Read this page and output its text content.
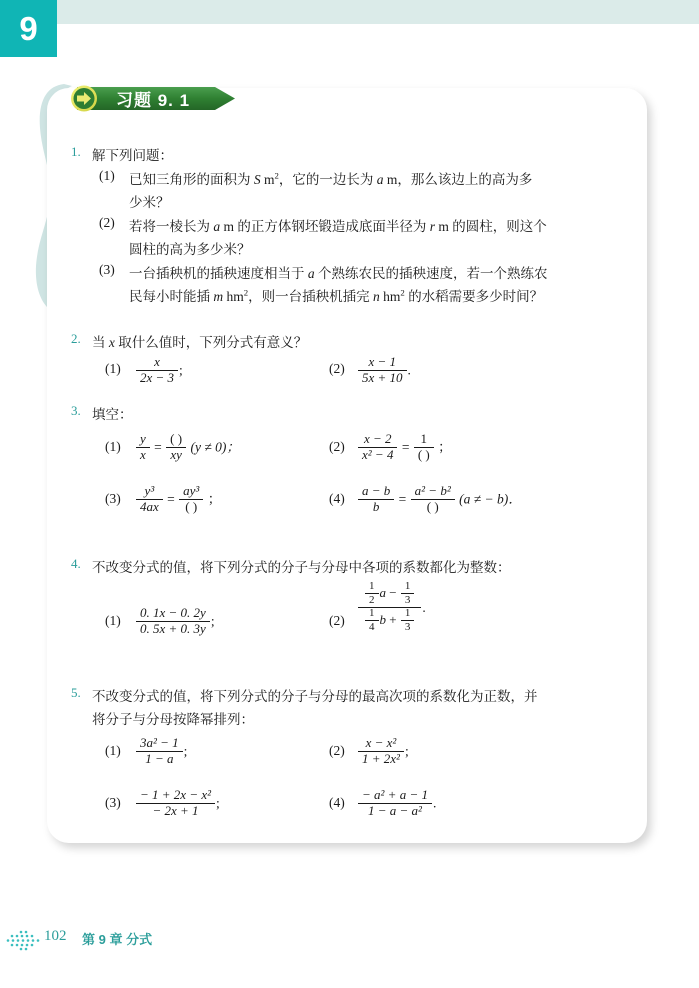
9
习题 9. 1
1. 解下列问题：
(1) 已知三角形的面积为 S $m^2$，它的一边长为 a m，那么该边上的高为多
少米？
(2) 若将一棱长为 a m 的正方体钢坯锻造成底面半径为 r m 的圆柱，则这个
圆柱的高为多少米？
(3) 一台插秧机的插秧速度相当于 a 个熟练农民的插秧速度，若一个熟练农
民每小时能插 m $hm^2$，则一台插秧机插完 n $hm^2$ 的水稻需要多少时间？
2. 当 x 取什么值时，下列分式有意义？
$(1) \frac{x}{2x - 3}$ ;	$(2) \frac{x - 1}{5x + 10}$ .
3. 填空：
$(1) \frac{y}{x} = \frac{( )}{xy} (y \ne 0)$；	$(2) \frac{x - 2}{\text{x² − 4}} = \frac{1}{( )}$ ；
$(3) \frac{\text{y³}}{4ax} = \frac{\text{ay³}}{( )}$ ；	$(4) \frac{a - b}{b} = \frac{\text{a² − b²}}{( )} (a$ ≠ − b)．
4. 不改变分式的值，将下列分式的分子与分母中各项的系数都化为整数：
$(1) \frac{0. 1x - 0. 2y}{0. 5x + 0. 3y}$ ;	$(2) \frac{\frac{1}{2} a - \frac{1}{3}}{\frac{1}{4} b + \frac{1}{3}}$ .
5. 不改变分式的值，将下列分式的分子与分母的最高次项的系数化为正数，并
将分子与分母按降幂排列：
$(1) \frac{\text{3a² − 1}}{1 - a}$ ;	$(2) \frac{\text{x − x²}}{\text{1 + 2x²}}$ ;
$(3) \frac{\text{− 1 + 2x − x²}}{- 2x + 1}$ ;	$(4) \frac{\text{− a² + a − 1}}{\text{1 − a − a²}}$ .
102 第 9 章 分式
